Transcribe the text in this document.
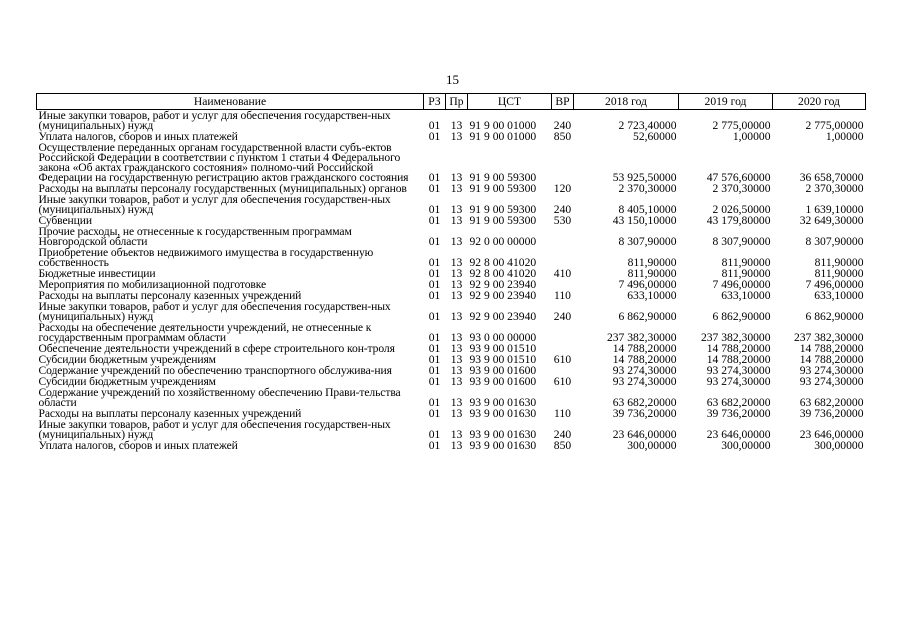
15
Наименование	РЗ	Пр	ЦСТ	ВР	2018 год	2019 год	2020 год
Иные закупки товаров, работ и услуг для обеспечения государствен-ных (муниципальных) нужд	01	13	91 9 00 01000	240	2 723,40000	2 775,00000	2 775,00000
Уплата налогов, сборов и иных платежей	01	13	91 9 00 01000	850	52,60000	1,00000	1,00000
Осуществление переданных органам государственной власти субъ-ектов Российской Федерации в соответствии с пунктом 1 статьи 4 Федерального закона «Об актах гражданского состояния» полномо-чий Российской Федерации на государственную регистрацию актов гражданского состояния	01	13	91 9 00 59300		53 925,50000	47 576,60000	36 658,70000
Расходы на выплаты персоналу государственных (муниципальных) органов	01	13	91 9 00 59300	120	2 370,30000	2 370,30000	2 370,30000
Иные закупки товаров, работ и услуг для обеспечения государствен-ных (муниципальных) нужд	01	13	91 9 00 59300	240	8 405,10000	2 026,50000	1 639,10000
Субвенции	01	13	91 9 00 59300	530	43 150,10000	43 179,80000	32 649,30000
Прочие расходы, не отнесенные к государственным программам Новгородской области	01	13	92 0 00 00000		8 307,90000	8 307,90000	8 307,90000
Приобретение объектов недвижимого имущества в государственную собственность	01	13	92 8 00 41020		811,90000	811,90000	811,90000
Бюджетные инвестиции	01	13	92 8 00 41020	410	811,90000	811,90000	811,90000
Мероприятия по мобилизационной подготовке	01	13	92 9 00 23940		7 496,00000	7 496,00000	7 496,00000
Расходы на выплаты персоналу казенных учреждений	01	13	92 9 00 23940	110	633,10000	633,10000	633,10000
Иные закупки товаров, работ и услуг для обеспечения государствен-ных (муниципальных) нужд	01	13	92 9 00 23940	240	6 862,90000	6 862,90000	6 862,90000
Расходы на обеспечение деятельности учреждений, не отнесенные к государственным программам области	01	13	93 0 00 00000		237 382,30000	237 382,30000	237 382,30000
Обеспечение деятельности учреждений в сфере строительного кон-троля	01	13	93 9 00 01510		14 788,20000	14 788,20000	14 788,20000
Субсидии бюджетным учреждениям	01	13	93 9 00 01510	610	14 788,20000	14 788,20000	14 788,20000
Содержание учреждений по обеспечению транспортного обслужива-ния	01	13	93 9 00 01600		93 274,30000	93 274,30000	93 274,30000
Субсидии бюджетным учреждениям	01	13	93 9 00 01600	610	93 274,30000	93 274,30000	93 274,30000
Содержание учреждений по хозяйственному обеспечению Прави-тельства области	01	13	93 9 00 01630		63 682,20000	63 682,20000	63 682,20000
Расходы на выплаты персоналу казенных учреждений	01	13	93 9 00 01630	110	39 736,20000	39 736,20000	39 736,20000
Иные закупки товаров, работ и услуг для обеспечения государствен-ных (муниципальных) нужд	01	13	93 9 00 01630	240	23 646,00000	23 646,00000	23 646,00000
Уплата налогов, сборов и иных платежей	01	13	93 9 00 01630	850	300,00000	300,00000	300,00000
